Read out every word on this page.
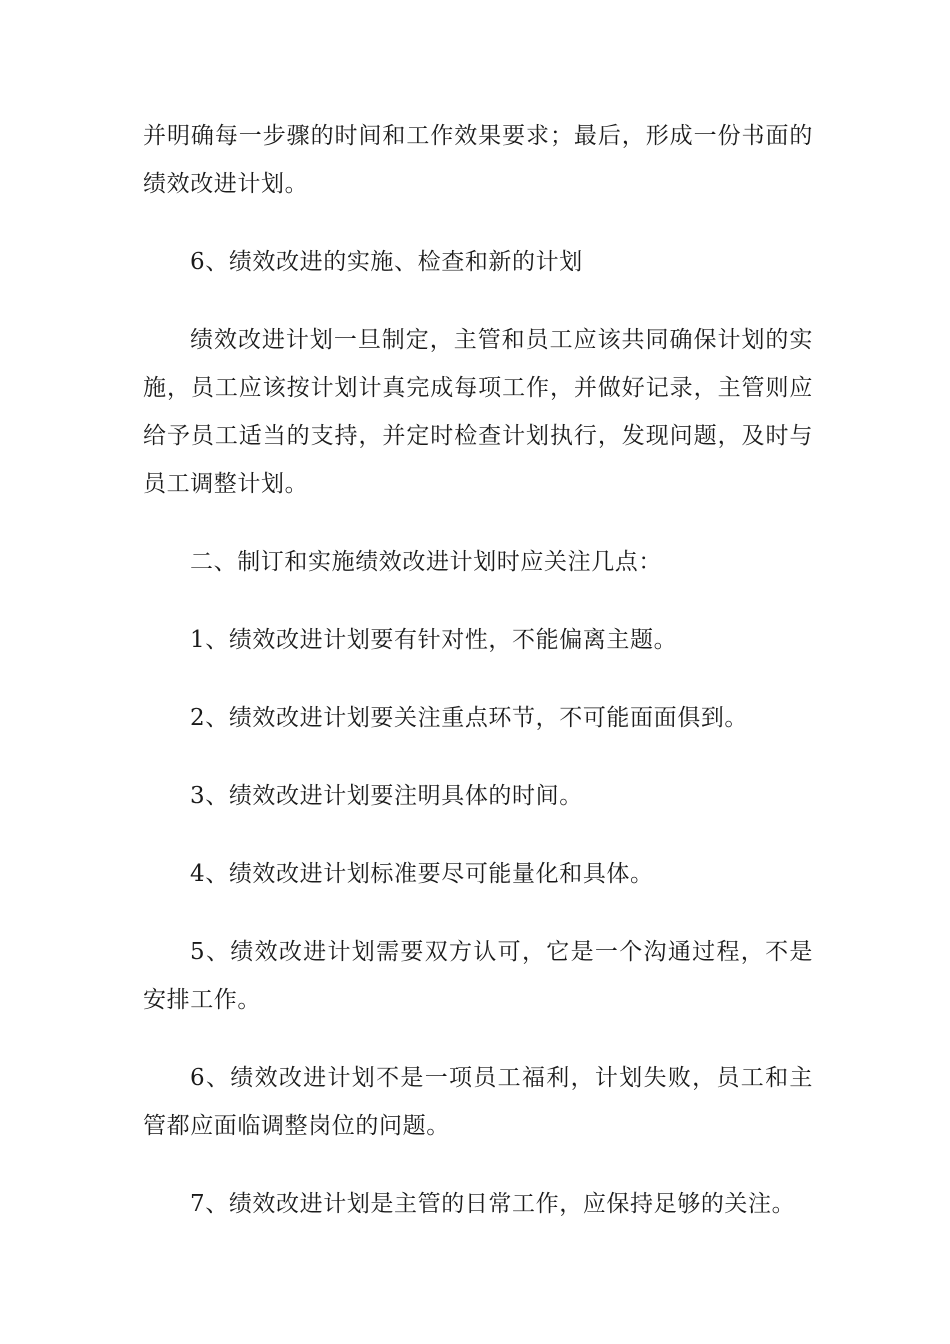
并明确每一步骤的时间和工作效果要求；最后，形成一份书面的绩效改进计划。

6、绩效改进的实施、检查和新的计划

绩效改进计划一旦制定，主管和员工应该共同确保计划的实施，员工应该按计划计真完成每项工作，并做好记录，主管则应给予员工适当的支持，并定时检查计划执行，发现问题，及时与员工调整计划。

二、制订和实施绩效改进计划时应关注几点：

1、绩效改进计划要有针对性，不能偏离主题。

2、绩效改进计划要关注重点环节，不可能面面俱到。

3、绩效改进计划要注明具体的时间。

4、绩效改进计划标准要尽可能量化和具体。

5、绩效改进计划需要双方认可，它是一个沟通过程，不是安排工作。

6、绩效改进计划不是一项员工福利，计划失败，员工和主管都应面临调整岗位的问题。

7、绩效改进计划是主管的日常工作，应保持足够的关注。
